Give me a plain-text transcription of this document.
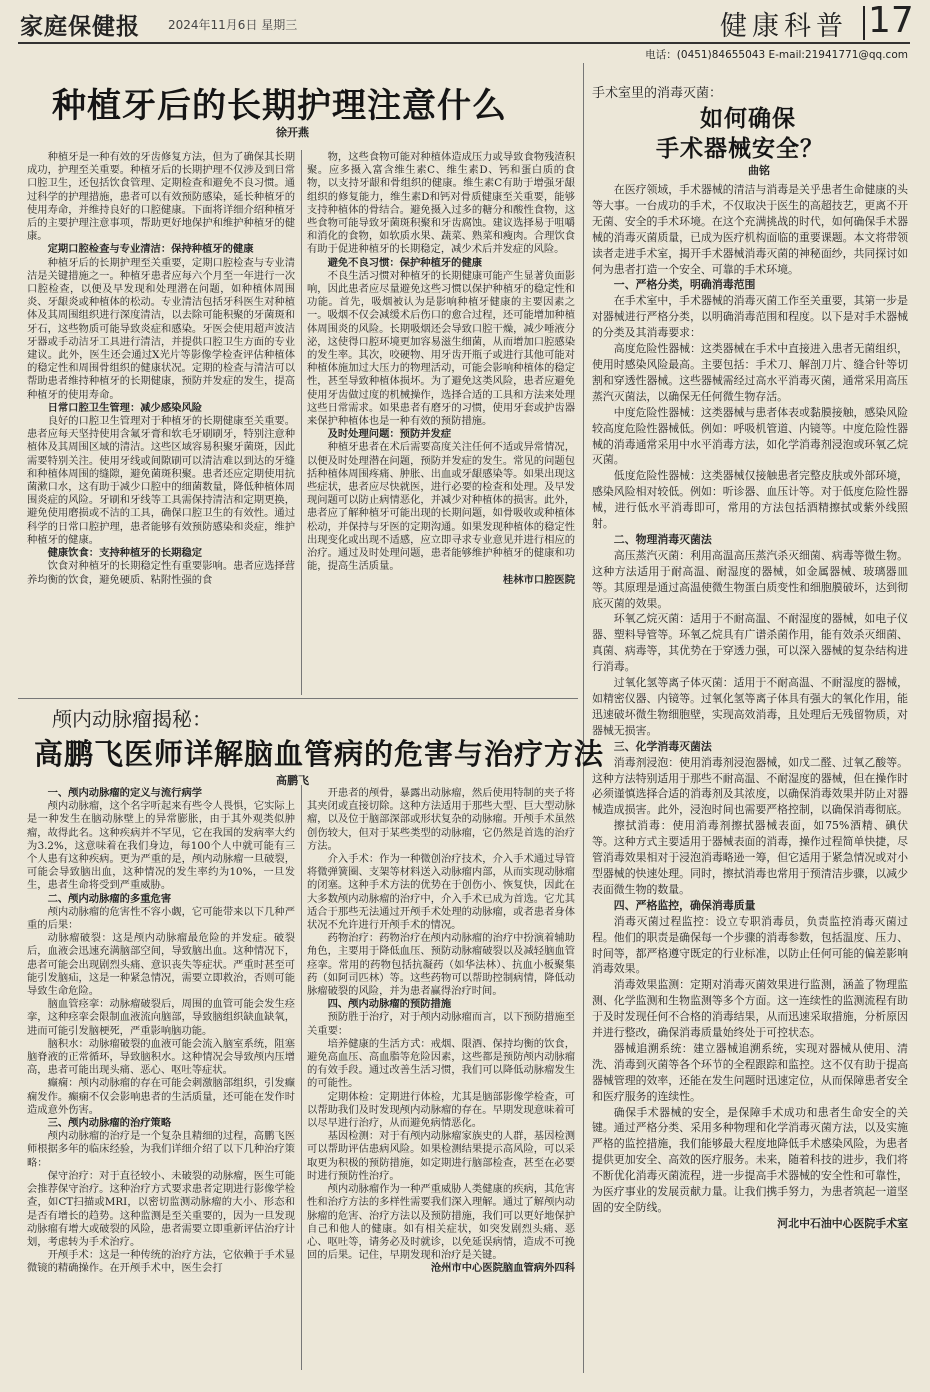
家庭保健报 2024年11月6日 星期三	健康科普 17
电话：(0451)84655043 E-mail:21941771@qq.com
种植牙后的长期护理注意什么
徐开燕

种植牙是一种有效的牙齿修复方法，但为了确保其长期成功，护理至关重要。种植牙后的长期护理不仅涉及到日常口腔卫生，还包括饮食管理、定期检查和避免不良习惯。通过科学的护理措施，患者可以有效预防感染，延长种植牙的使用寿命，并维持良好的口腔健康。下面将详细介绍种植牙后的主要护理注意事项，帮助更好地保护和维护种植牙的健康。

定期口腔检查与专业清洁：保持种植牙的健康

种植牙后的长期护理至关重要，定期口腔检查与专业清洁是关键措施之一。种植牙患者应每六个月至一年进行一次口腔检查，以便及早发现和处理潜在问题，如种植体周围炎、牙龈炎或种植体的松动。专业清洁包括牙科医生对种植体及其周围组织进行深度清洁，以去除可能积聚的牙菌斑和牙石，这些物质可能导致炎症和感染。牙医会使用超声波洁牙器或手动洁牙工具进行清洁，并提供口腔卫生方面的专业建议。此外，医生还会通过X光片等影像学检查评估种植体的稳定性和周围骨组织的健康状况。定期的检查与清洁可以帮助患者维持种植牙的长期健康，预防并发症的发生，提高种植牙的使用寿命。

日常口腔卫生管理：减少感染风险

良好的口腔卫生管理对于种植牙的长期健康至关重要。患者应每天坚持使用含氟牙膏和软毛牙刷刷牙，特别注意种植体及其周围区域的清洁。这些区域容易积聚牙菌斑，因此需要特别关注。使用牙线或间隙刷可以清洁难以到达的牙缝和种植体周围的缝隙，避免菌斑积聚。患者还应定期使用抗菌漱口水，这有助于减少口腔中的细菌数量，降低种植体周围炎症的风险。牙刷和牙线等工具需保持清洁和定期更换，避免使用磨损或不洁的工具，确保口腔卫生的有效性。通过科学的日常口腔护理，患者能够有效预防感染和炎症，维护种植牙的健康。

健康饮食：支持种植牙的长期稳定

饮食对种植牙的长期稳定性有重要影响。患者应选择营养均衡的饮食，避免硬质、粘附性强的食

物，这些食物可能对种植体造成压力或导致食物残渣积聚。应多摄入富含维生素C、维生素D、钙和蛋白质的食物，以支持牙龈和骨组织的健康。维生素C有助于增强牙龈组织的修复能力，维生素D和钙对骨质健康至关重要，能够支持种植体的骨结合。避免摄入过多的糖分和酸性食物，这些食物可能导致牙菌斑积聚和牙齿腐蚀。建议选择易于咀嚼和消化的食物，如软质水果、蔬菜、熟菜和瘦肉。合理饮食有助于促进种植牙的长期稳定，减少术后并发症的风险。

避免不良习惯：保护种植牙的健康

不良生活习惯对种植牙的长期健康可能产生显著负面影响，因此患者应尽量避免这些习惯以保护种植牙的稳定性和功能。首先，吸烟被认为是影响种植牙健康的主要因素之一。吸烟不仅会减缓术后伤口的愈合过程，还可能增加种植体周围炎的风险。长期吸烟还会导致口腔干燥，减少唾液分泌，这使得口腔环境更加容易滋生细菌，从而增加口腔感染的发生率。其次，咬硬物、用牙齿开瓶子或进行其他可能对种植体施加过大压力的物理活动，可能会影响种植体的稳定性，甚至导致种植体损坏。为了避免这类风险，患者应避免使用牙齿做过度的机械操作，选择合适的工具和方法来处理这些日常需求。如果患者有磨牙的习惯，使用牙套或护齿器来保护种植体也是一种有效的预防措施。

及时处理问题：预防并发症

种植牙患者在术后需要高度关注任何不适或异常情况，以便及时处理潜在问题，预防并发症的发生。常见的问题包括种植体周围疼痛、肿胀、出血或牙龈感染等。如果出现这些症状，患者应尽快就医，进行必要的检查和处理。及早发现问题可以防止病情恶化，并减少对种植体的损害。此外，患者应了解种植牙可能出现的长期问题，如骨吸收或种植体松动，并保持与牙医的定期沟通。如果发现种植体的稳定性出现变化或出现不适感，应立即寻求专业意见并进行相应的治疗。通过及时处理问题，患者能够维护种植牙的健康和功能，提高生活质量。

桂林市口腔医院

颅内动脉瘤揭秘：
高鹏飞医师详解脑血管病的危害与治疗方法
高鹏飞

一、颅内动脉瘤的定义与流行病学

颅内动脉瘤，这个名字听起来有些令人畏惧，它实际上是一种发生在脑动脉壁上的异常膨胀，由于其外观类似肿瘤，故得此名。这种疾病并不罕见，它在我国的发病率大约为3.2%，这意味着在我们身边，每100个人中就可能有三个人患有这种疾病。更为严重的是，颅内动脉瘤一旦破裂，可能会导致脑出血，这种情况的发生率约为10%，一旦发生，患者生命将受到严重威胁。

二、颅内动脉瘤的多重危害

颅内动脉瘤的危害性不容小觑，它可能带来以下几种严重的后果：

动脉瘤破裂：这是颅内动脉瘤最危险的并发症。破裂后，血液会迅速充满脑部空间，导致脑出血。这种情况下，患者可能会出现剧烈头痛、意识丧失等症状。严重时甚至可能引发脑疝，这是一种紧急情况，需要立即救治，否则可能导致生命危险。

脑血管痉挛：动脉瘤破裂后，周围的血管可能会发生痉挛，这种痉挛会限制血液流向脑部，导致脑组织缺血缺氧，进而可能引发脑梗死，严重影响脑功能。

脑积水：动脉瘤破裂的血液可能会流入脑室系统，阻塞脑脊液的正常循环，导致脑积水。这种情况会导致颅内压增高，患者可能出现头痛、恶心、呕吐等症状。

癫痫：颅内动脉瘤的存在可能会刺激脑部组织，引发癫痫发作。癫痫不仅会影响患者的生活质量，还可能在发作时造成意外伤害。

三、颅内动脉瘤的治疗策略

颅内动脉瘤的治疗是一个复杂且精细的过程，高鹏飞医师根据多年的临床经验，为我们详细介绍了以下几种治疗策略：

保守治疗：对于直径较小、未破裂的动脉瘤，医生可能会推荐保守治疗。这种治疗方式要求患者定期进行影像学检查，如CT扫描或MRI，以密切监测动脉瘤的大小、形态和是否有增长的趋势。这种监测是至关重要的，因为一旦发现动脉瘤有增大或破裂的风险，患者需要立即重新评估治疗计划，考虑转为手术治疗。

开颅手术：这是一种传统的治疗方法，它依赖于手术显微镜的精确操作。在开颅手术中，医生会打

开患者的颅骨，暴露出动脉瘤，然后使用特制的夹子将其夹闭或直接切除。这种方法适用于那些大型、巨大型动脉瘤，以及位于脑部深部或形状复杂的动脉瘤。开颅手术虽然创伤较大，但对于某些类型的动脉瘤，它仍然是首选的治疗方法。

介入手术：作为一种微创治疗技术，介入手术通过导管将微弹簧圈、支架等材料送入动脉瘤内部，从而实现动脉瘤的闭塞。这种手术方法的优势在于创伤小、恢复快，因此在大多数颅内动脉瘤的治疗中，介入手术已成为首选。它尤其适合于那些无法通过开颅手术处理的动脉瘤，或者患者身体状况不允许进行开颅手术的情况。

药物治疗：药物治疗在颅内动脉瘤的治疗中扮演着辅助角色，主要用于降低血压、预防动脉瘤破裂以及减轻脑血管痉挛。常用的药物包括抗凝药（如华法林）、抗血小板聚集药（如阿司匹林）等。这些药物可以帮助控制病情，降低动脉瘤破裂的风险，并为患者赢得治疗时间。

四、颅内动脉瘤的预防措施

预防胜于治疗，对于颅内动脉瘤而言，以下预防措施至关重要：

培养健康的生活方式：戒烟、限酒、保持均衡的饮食，避免高血压、高血脂等危险因素，这些都是预防颅内动脉瘤的有效手段。通过改善生活习惯，我们可以降低动脉瘤发生的可能性。

定期体检：定期进行体检，尤其是脑部影像学检查，可以帮助我们及时发现颅内动脉瘤的存在。早期发现意味着可以尽早进行治疗，从而避免病情恶化。

基因检测：对于有颅内动脉瘤家族史的人群，基因检测可以帮助评估患病风险。如果检测结果提示高风险，可以采取更为积极的预防措施，如定期进行脑部检查，甚至在必要时进行预防性治疗。

颅内动脉瘤作为一种严重威胁人类健康的疾病，其危害性和治疗方法的多样性需要我们深入理解。通过了解颅内动脉瘤的危害、治疗方法以及预防措施，我们可以更好地保护自己和他人的健康。如有相关症状，如突发剧烈头痛、恶心、呕吐等，请务必及时就诊，以免延误病情，造成不可挽回的后果。记住，早期发现和治疗是关键。

沧州市中心医院脑血管病外四科

手术室里的消毒灭菌：
如何确保
手术器械安全？
曲铭

在医疗领域，手术器械的清洁与消毒是关乎患者生命健康的头等大事。一台成功的手术，不仅取决于医生的高超技艺，更离不开无菌、安全的手术环境。在这个充满挑战的时代，如何确保手术器械的消毒灭菌质量，已成为医疗机构面临的重要课题。本文将带领读者走进手术室，揭开手术器械消毒灭菌的神秘面纱，共同探讨如何为患者打造一个安全、可靠的手术环境。

一、严格分类，明确消毒范围

在手术室中，手术器械的消毒灭菌工作至关重要，其第一步是对器械进行严格分类，以明确消毒范围和程度。以下是对手术器械的分类及其消毒要求：

高度危险性器械：这类器械在手术中直接进入患者无菌组织，使用时感染风险最高。主要包括：手术刀、解剖刀片、缝合针等切割和穿透性器械。这些器械需经过高水平消毒灭菌，通常采用高压蒸汽灭菌法，以确保无任何微生物存活。

中度危险性器械：这类器械与患者体表或黏膜接触，感染风险较高度危险性器械低。例如：呼吸机管道、内镜等。中度危险性器械的消毒通常采用中水平消毒方法，如化学消毒剂浸泡或环氧乙烷灭菌。

低度危险性器械：这类器械仅接触患者完整皮肤或外部环境，感染风险相对较低。例如：听诊器、血压计等。对于低度危险性器械，进行低水平消毒即可，常用的方法包括酒精擦拭或紫外线照射。

二、物理消毒灭菌法

高压蒸汽灭菌：利用高温高压蒸汽杀灭细菌、病毒等微生物。这种方法适用于耐高温、耐湿度的器械，如金属器械、玻璃器皿等。其原理是通过高温使微生物蛋白质变性和细胞膜破坏，达到彻底灭菌的效果。

环氧乙烷灭菌：适用于不耐高温、不耐湿度的器械，如电子仪器、塑料导管等。环氧乙烷具有广谱杀菌作用，能有效杀灭细菌、真菌、病毒等，其优势在于穿透力强，可以深入器械的复杂结构进行消毒。

过氧化氢等离子体灭菌：适用于不耐高温、不耐湿度的器械，如精密仪器、内镜等。过氧化氢等离子体具有强大的氧化作用，能迅速破坏微生物细胞壁，实现高效消毒，且处理后无残留物质，对器械无损害。

三、化学消毒灭菌法

消毒剂浸泡：使用消毒剂浸泡器械，如戊二醛、过氧乙酸等。这种方法特别适用于那些不耐高温、不耐湿度的器械，但在操作时必须谨慎选择合适的消毒剂及其浓度，以确保消毒效果并防止对器械造成损害。此外，浸泡时间也需要严格控制，以确保消毒彻底。

擦拭消毒：使用消毒剂擦拭器械表面，如75%酒精、碘伏等。这种方式主要适用于器械表面的消毒，操作过程简单快捷，尽管消毒效果相对于浸泡消毒略逊一筹，但它适用于紧急情况或对小型器械的快速处理。同时，擦拭消毒也常用于预清洁步骤，以减少表面微生物的数量。

四、严格监控，确保消毒质量

消毒灭菌过程监控：设立专职消毒员，负责监控消毒灭菌过程。他们的职责是确保每一个步骤的消毒参数，包括温度、压力、时间等，都严格遵守既定的行业标准，以防止任何可能的偏差影响消毒效果。

消毒效果监测：定期对消毒灭菌效果进行监测，涵盖了物理监测、化学监测和生物监测等多个方面。这一连续性的监测流程有助于及时发现任何不合格的消毒结果，从而迅速采取措施，分析原因并进行整改，确保消毒质量始终处于可控状态。

器械追溯系统：建立器械追溯系统，实现对器械从使用、清洗、消毒到灭菌等各个环节的全程跟踪和监控。这不仅有助于提高器械管理的效率，还能在发生问题时迅速定位，从而保障患者安全和医疗服务的连续性。

确保手术器械的安全，是保障手术成功和患者生命安全的关键。通过严格分类、采用多种物理和化学消毒灭菌方法，以及实施严格的监控措施，我们能够最大程度地降低手术感染风险，为患者提供更加安全、高效的医疗服务。未来，随着科技的进步，我们将不断优化消毒灭菌流程，进一步提高手术器械的安全性和可靠性，为医疗事业的发展贡献力量。让我们携手努力，为患者筑起一道坚固的安全防线。

河北中石油中心医院手术室
